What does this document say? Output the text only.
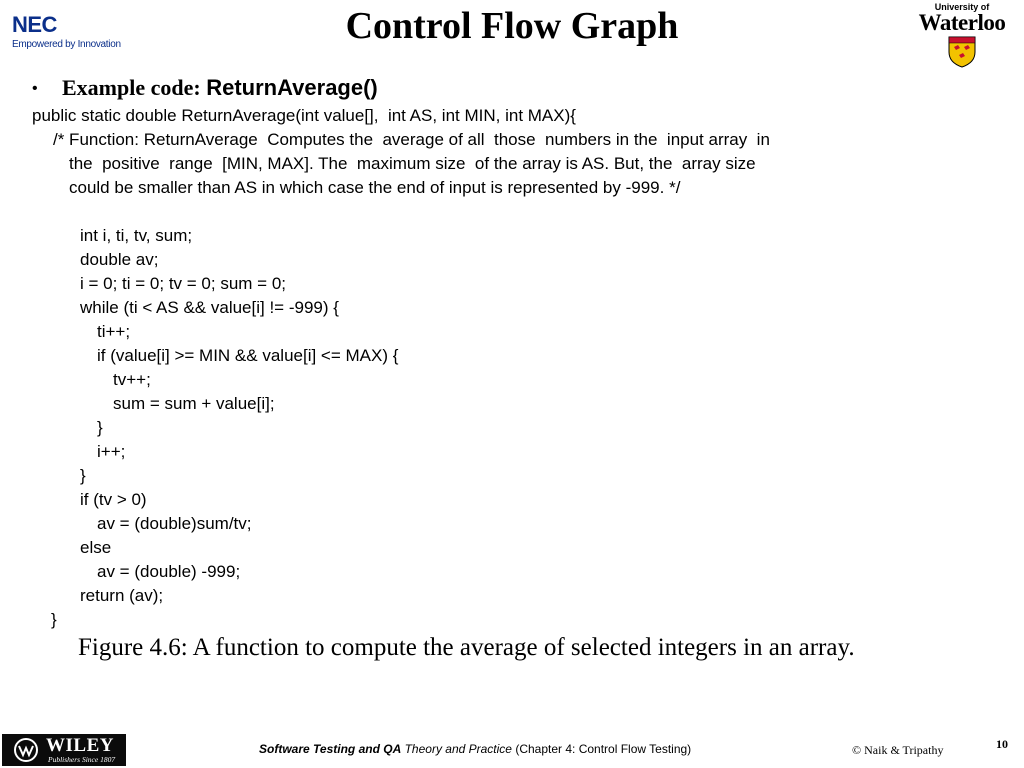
NEC
Empowered by Innovation	Control Flow Graph	University of
Waterloo
• Example code: ReturnAverage()
public static double ReturnAverage(int value[],  int AS, int MIN, int MAX){
/* Function: ReturnAverage  Computes the  average of all  those  numbers in the  input array  in
the  positive  range  [MIN, MAX]. The  maximum size  of the array is AS. But, the  array size
could be smaller than AS in which case the end of input is represented by -999. */
int i, ti, tv, sum;
double av;
i = 0; ti = 0; tv = 0; sum = 0;
while (ti < AS && value[i] != -999) {
ti++;
if (value[i] >= MIN && value[i] <= MAX) {
tv++;
sum = sum + value[i];
}
i++;
}
if (tv > 0)
av = (double)sum/tv;
else
av = (double) -999;
return (av);
}
Figure 4.6: A function to compute the average of selected integers in an array.
WILEY
Publishers Since 1807
Software Testing and QA Theory and Practice (Chapter 4: Control Flow Testing)	© Naik & Tripathy	10
